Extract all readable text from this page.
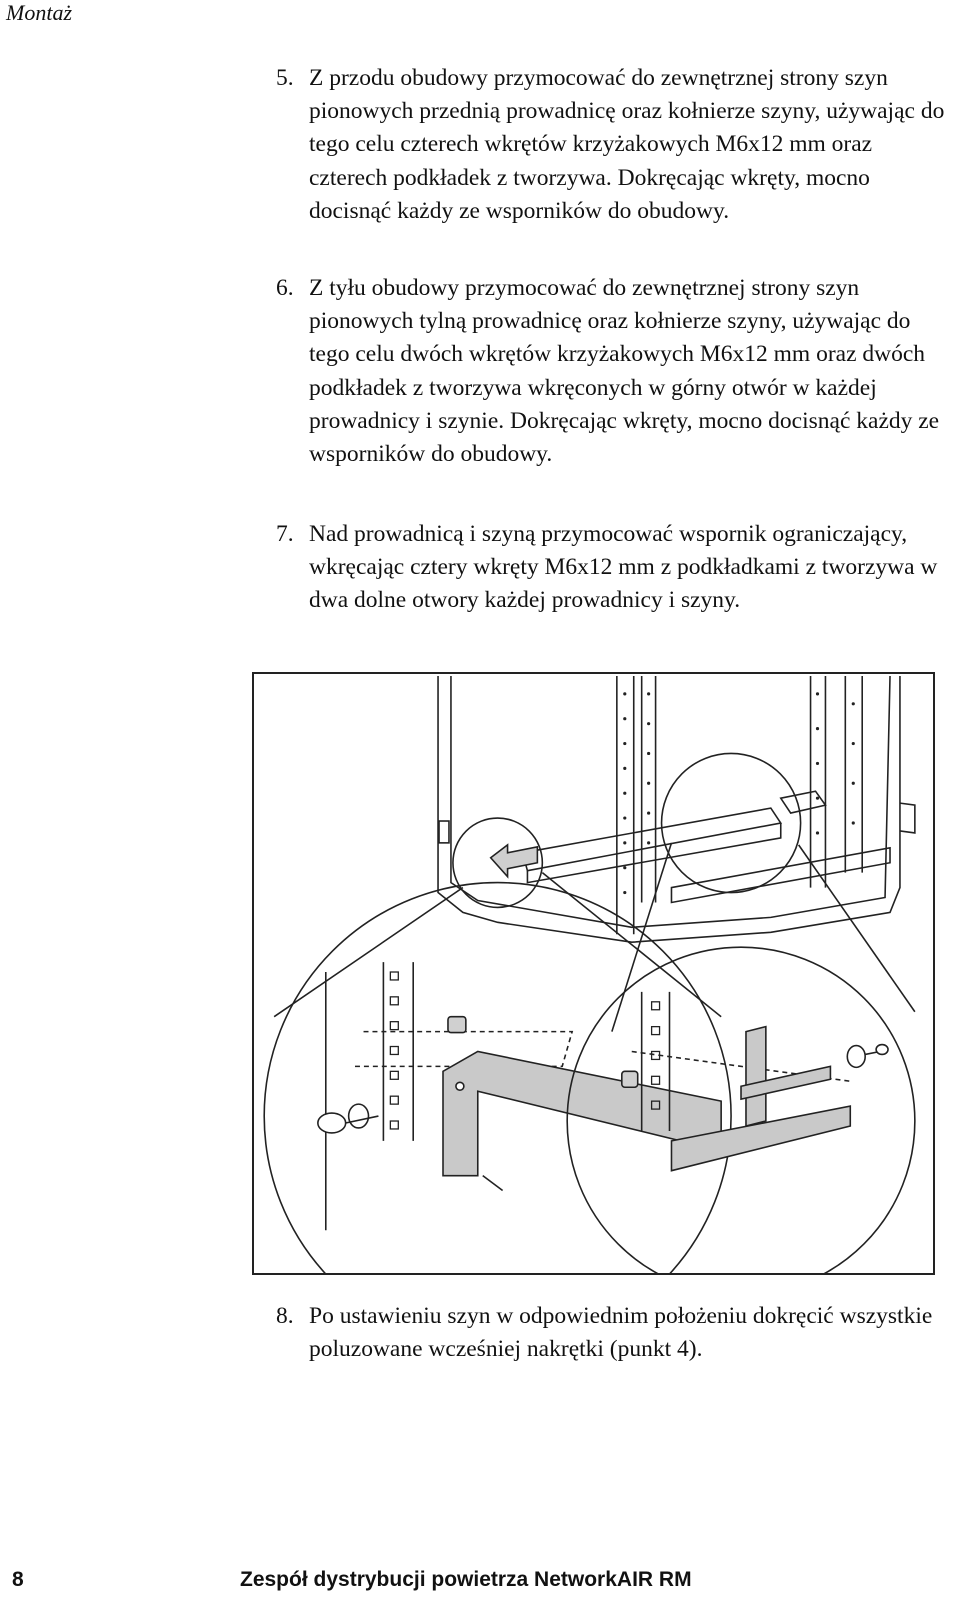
Montaż
5. Z przodu obudowy przymocować do zewnętrznej strony szyn pionowych przednią prowadnicę oraz kołnierze szyny, używając do tego celu czterech wkrętów krzyżakowych M6x12 mm oraz czterech podkładek z tworzywa. Dokręcając wkręty, mocno docisnąć każdy ze wsporników do obudowy.
6. Z tyłu obudowy przymocować do zewnętrznej strony szyn pionowych tylną prowadnicę oraz kołnierze szyny, używając do tego celu dwóch wkrętów krzyżakowych M6x12 mm oraz dwóch podkładek z tworzywa wkręconych w górny otwór w każdej prowadnicy i szynie. Dokręcając wkręty, mocno docisnąć każdy ze wsporników do obudowy.
7. Nad prowadnicą i szyną przymocować wspornik ograniczający, wkręcając cztery wkręty M6x12 mm z podkładkami z tworzywa w dwa dolne otwory każdej prowadnicy i szyny.
8. Po ustawieniu szyn w odpowiednim położeniu dokręcić wszystkie poluzowane wcześniej nakrętki (punkt 4).
8	Zespół dystrybucji powietrza NetworkAIR RM
